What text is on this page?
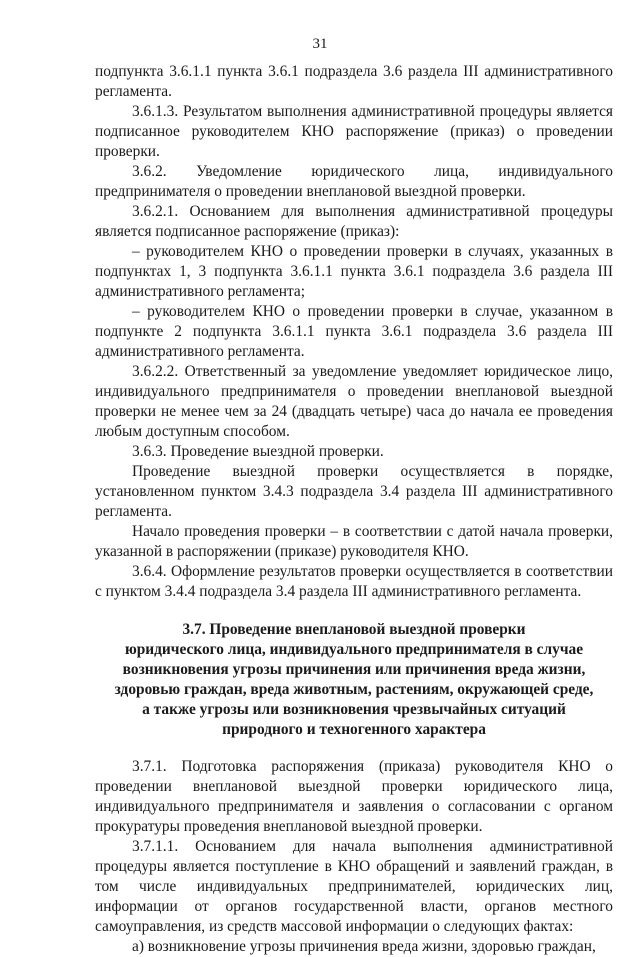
31

подпункта 3.6.1.1 пункта 3.6.1 подраздела 3.6 раздела III административного регламента.

3.6.1.3. Результатом выполнения административной процедуры является подписанное руководителем КНО распоряжение (приказ) о проведении проверки.

3.6.2. Уведомление юридического лица, индивидуального предпринимателя о проведении внеплановой выездной проверки.

3.6.2.1. Основанием для выполнения административной процедуры является подписанное распоряжение (приказ):

– руководителем КНО о проведении проверки в случаях, указанных в подпунктах 1, 3 подпункта 3.6.1.1 пункта 3.6.1 подраздела 3.6 раздела III административного регламента;

– руководителем КНО о проведении проверки в случае, указанном в подпункте 2 подпункта 3.6.1.1 пункта 3.6.1 подраздела 3.6 раздела III административного регламента.

3.6.2.2. Ответственный за уведомление уведомляет юридическое лицо, индивидуального предпринимателя о проведении внеплановой выездной проверки не менее чем за 24 (двадцать четыре) часа до начала ее проведения любым доступным способом.

3.6.3. Проведение выездной проверки.

Проведение выездной проверки осуществляется в порядке, установленном пунктом 3.4.3 подраздела 3.4 раздела III административного регламента.

Начало проведения проверки – в соответствии с датой начала проверки, указанной в распоряжении (приказе) руководителя КНО.

3.6.4. Оформление результатов проверки осуществляется в соответствии с пунктом 3.4.4 подраздела 3.4 раздела III административного регламента.

3.7. Проведение внеплановой выездной проверки
юридического лица, индивидуального предпринимателя в случае
возникновения угрозы причинения или причинения вреда жизни,
здоровью граждан, вреда животным, растениям, окружающей среде,
а также угрозы или возникновения чрезвычайных ситуаций
природного и техногенного характера

3.7.1. Подготовка распоряжения (приказа) руководителя КНО о проведении внеплановой выездной проверки юридического лица, индивидуального предпринимателя и заявления о согласовании с органом прокуратуры проведения внеплановой выездной проверки.

3.7.1.1. Основанием для начала выполнения административной процедуры является поступление в КНО обращений и заявлений граждан, в том числе индивидуальных предпринимателей, юридических лиц, информации от органов государственной власти, органов местного самоуправления, из средств массовой информации о следующих фактах:

а) возникновение угрозы причинения вреда жизни, здоровью граждан,
